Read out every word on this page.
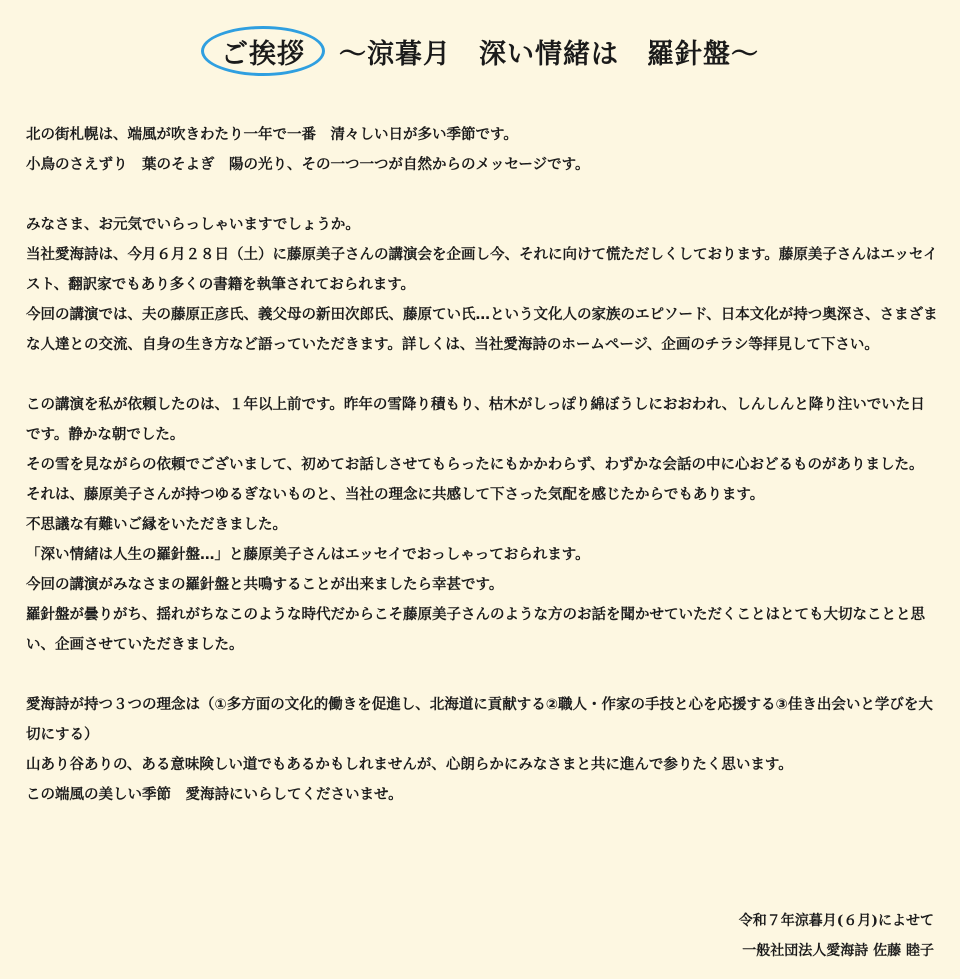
ご挨拶	～涼暮月　深い情緒は　羅針盤～

北の街札幌は、端風が吹きわたり一年で一番　清々しい日が多い季節です。
小鳥のさえずり　葉のそよぎ　陽の光り、その一つ一つが自然からのメッセージです。

みなさま、お元気でいらっしゃいますでしょうか。
当社愛海詩は、今月６月２８日（土）に藤原美子さんの講演会を企画し今、それに向けて慌ただしくしております。藤原美子さんはエッセイスト、翻訳家でもあり多くの書籍を執筆されておられます。
今回の講演では、夫の藤原正彦氏、義父母の新田次郎氏、藤原てい氏…という文化人の家族のエピソード、日本文化が持つ奥深さ、さまざまな人達との交流、自身の生き方など語っていただきます。詳しくは、当社愛海詩のホームページ、企画のチラシ等拝見して下さい。

この講演を私が依頼したのは、１年以上前です。昨年の雪降り積もり、枯木がしっぽり綿ぼうしにおおわれ、しんしんと降り注いでいた日です。静かな朝でした。
その雪を見ながらの依頼でございまして、初めてお話しさせてもらったにもかかわらず、わずかな会話の中に心おどるものがありました。それは、藤原美子さんが持つゆるぎないものと、当社の理念に共感して下さった気配を感じたからでもあります。
不思議な有難いご縁をいただきました。
「深い情緒は人生の羅針盤…」と藤原美子さんはエッセイでおっしゃっておられます。
今回の講演がみなさまの羅針盤と共鳴することが出来ましたら幸甚です。
羅針盤が曇りがち、揺れがちなこのような時代だからこそ藤原美子さんのような方のお話を聞かせていただくことはとても大切なことと思い、企画させていただきました。

愛海詩が持つ３つの理念は（①多方面の文化的働きを促進し、北海道に貢献する②職人・作家の手技と心を応援する③佳き出会いと学びを大切にする）
山あり谷ありの、ある意味険しい道でもあるかもしれませんが、心朗らかにみなさまと共に進んで参りたく思います。
この端風の美しい季節　愛海詩にいらしてくださいませ。

令和７年涼暮月(６月)によせて
一般社団法人愛海詩 佐藤 睦子
